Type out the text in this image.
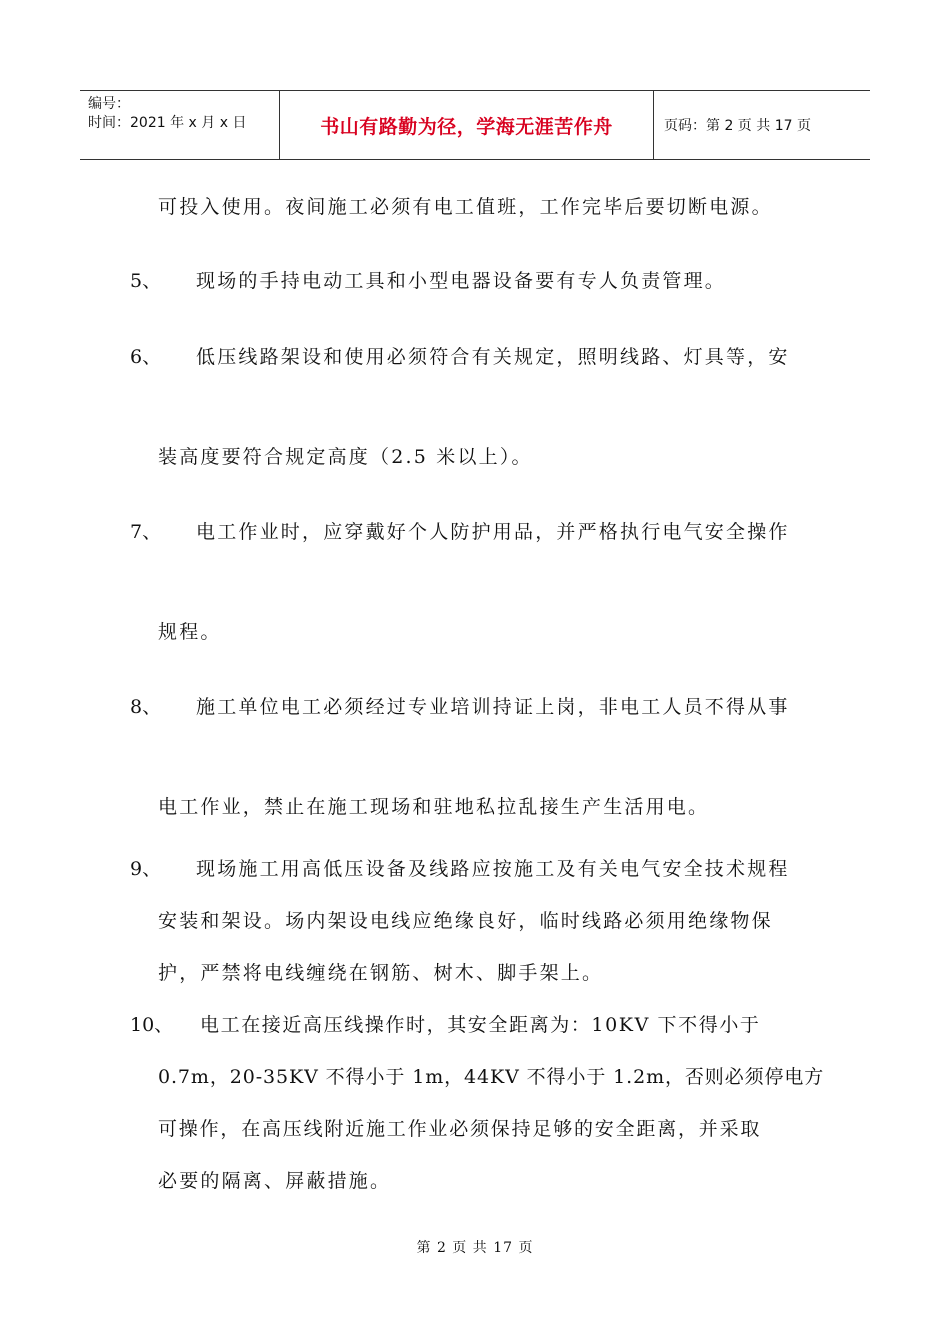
编号：
时间：2021 年 x 月 x 日	书山有路勤为径，学海无涯苦作舟	页码：第 2 页 共 17 页
可投入使用。夜间施工必须有电工值班，工作完毕后要切断电源。
5、 现场的手持电动工具和小型电器设备要有专人负责管理。
6、 低压线路架设和使用必须符合有关规定，照明线路、灯具等，安
装高度要符合规定高度（2.5 米以上）。
7、 电工作业时，应穿戴好个人防护用品，并严格执行电气安全操作
规程。
8、 施工单位电工必须经过专业培训持证上岗，非电工人员不得从事
电工作业，禁止在施工现场和驻地私拉乱接生产生活用电。
9、 现场施工用高低压设备及线路应按施工及有关电气安全技术规程
安装和架设。场内架设电线应绝缘良好，临时线路必须用绝缘物保
护，严禁将电线缠绕在钢筋、树木、脚手架上。
10、 电工在接近高压线操作时，其安全距离为：10KV 下不得小于
0.7m，20-35KV 不得小于 1m，44KV 不得小于 1.2m，否则必须停电方
可操作，在高压线附近施工作业必须保持足够的安全距离，并采取
必要的隔离、屏蔽措施。
第 2 页 共 17 页
